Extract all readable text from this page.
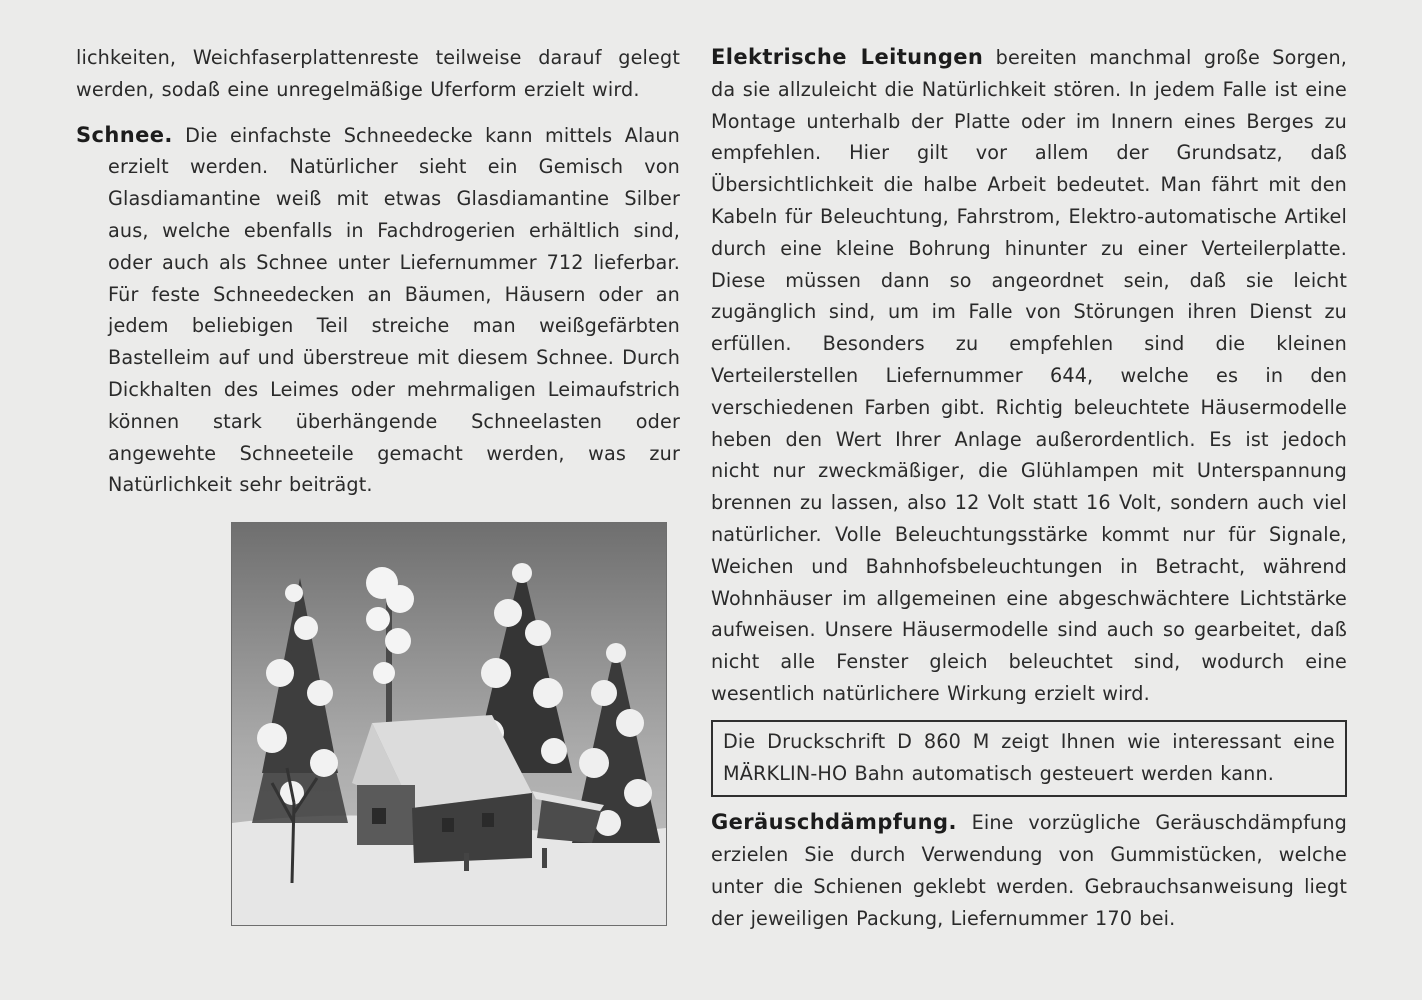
lichkeiten, Weichfaserplattenreste teilweise darauf gelegt werden, sodaß eine unregelmäßige Uferform erzielt wird.

Schnee. Die einfachste Schneedecke kann mittels Alaun erzielt werden. Natürlicher sieht ein Gemisch von Glasdiamantine weiß mit etwas Glasdiamantine Silber aus, welche ebenfalls in Fachdrogerien erhältlich sind, oder auch als Schnee unter Liefernummer 712 lieferbar. Für feste Schneedecken an Bäumen, Häusern oder an jedem beliebigen Teil streiche man weißgefärbten Bastelleim auf und überstreue mit diesem Schnee. Durch Dickhalten des Leimes oder mehrmaligen Leimaufstrich können stark überhängende Schneelasten oder angewehte Schneeteile gemacht werden, was zur Natürlichkeit sehr beiträgt.

Elektrische Leitungen bereiten manchmal große Sorgen, da sie allzuleicht die Natürlichkeit stören. In jedem Falle ist eine Montage unterhalb der Platte oder im Innern eines Berges zu empfehlen. Hier gilt vor allem der Grundsatz, daß Übersichtlichkeit die halbe Arbeit bedeutet. Man fährt mit den Kabeln für Beleuchtung, Fahrstrom, Elektro-automatische Artikel durch eine kleine Bohrung hinunter zu einer Verteilerplatte. Diese müssen dann so angeordnet sein, daß sie leicht zugänglich sind, um im Falle von Störungen ihren Dienst zu erfüllen. Besonders zu empfehlen sind die kleinen Verteilerstellen Liefernummer 644, welche es in den verschiedenen Farben gibt. Richtig beleuchtete Häusermodelle heben den Wert Ihrer Anlage außerordentlich. Es ist jedoch nicht nur zweckmäßiger, die Glühlampen mit Unterspannung brennen zu lassen, also 12 Volt statt 16 Volt, sondern auch viel natürlicher. Volle Beleuchtungsstärke kommt nur für Signale, Weichen und Bahnhofsbeleuchtungen in Betracht, während Wohnhäuser im allgemeinen eine abgeschwächtere Lichtstärke aufweisen. Unsere Häusermodelle sind auch so gearbeitet, daß nicht alle Fenster gleich beleuchtet sind, wodurch eine wesentlich natürlichere Wirkung erzielt wird.

Die Druckschrift D 860 M zeigt Ihnen wie interessant eine MÄRKLIN-HO Bahn automatisch gesteuert werden kann.

Geräuschdämpfung. Eine vorzügliche Geräuschdämpfung erzielen Sie durch Verwendung von Gummistücken, welche unter die Schienen geklebt werden. Gebrauchsanweisung liegt der jeweiligen Packung, Liefernummer 170 bei.
